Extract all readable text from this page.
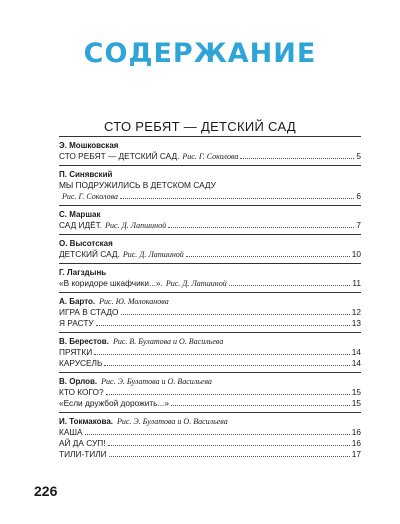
СОДЕРЖАНИЕ
СТО РЕБЯТ — ДЕТСКИЙ САД
Э. Мошковская
СТО РЕБЯТ — ДЕТСКИЙ САД. Рис. Г. Соколова	5
П. Синявский
МЫ ПОДРУЖИЛИСЬ В ДЕТСКОМ САДУ
Рис. Г. Соколова	6
С. Маршак
САД ИДЁТ. Рис. Д. Лапшиной	7
О. Высотская
ДЕТСКИЙ САД. Рис. Д. Лапшиной	10
Г. Лагздынь
«В коридоре шкафчики...». Рис. Д. Лапшиной	11
А. Барто. Рис. Ю. Молоканова
ИГРА В СТАДО	12
Я РАСТУ	13
В. Берестов. Рис. В. Булатова и О. Васильева
ПРЯТКИ	14
КАРУСЕЛЬ	14
В. Орлов. Рис. Э. Булатова и О. Васильева
КТО КОГО?	15
«Если дружбой дорожить...»	15
И. Токмакова. Рис. Э. Булатова и О. Васильева
КАША	16
АЙ ДА СУП!	16
ТИЛИ-ТИЛИ	17
226
